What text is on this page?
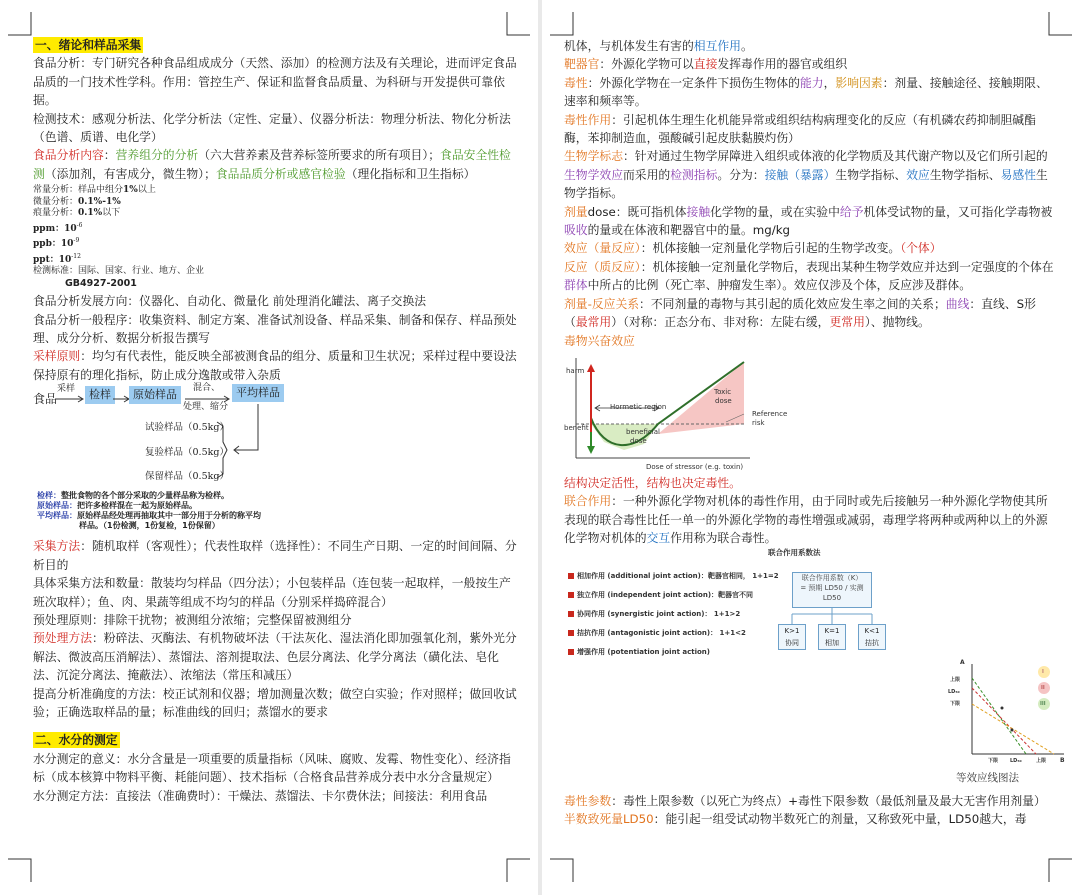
一、绪论和样品采集

食品分析：专门研究各种食品组成成分（天然、添加）的检测方法及有关理论，进而评定食品品质的一门技术性学科。作用：管控生产、保证和监督食品质量、为科研与开发提供可靠依据。

检测技术：感观分析法、化学分析法（定性、定量）、仪器分析法：物理分析法、物化分析法（色谱、质谱、电化学）

食品分析内容：营养组分的分析（六大营养素及营养标签所要求的所有项目）；食品安全性检测（添加剂，有害成分，微生物）；食品品质分析或感官检验（理化指标和卫生指标）

常量分析：样品中组分1%以上
微量分析：0.1%-1%
痕量分析：0.1%以下
ppm：$10^{-6}$
ppb：$10^{-9}$
ppt：$10^{-12}$
检测标准：国际、国家、行业、地方、企业
GB4927-2001

食品分析发展方向：仪器化、自动化、微量化 前处理消化罐法、离子交换法

食品分析一般程序：收集资料、制定方案、准备试剂设备、样品采集、制备和保存、样品预处理、成分分析、数据分析报告撰写

采样原则：均匀有代表性，能反映全部被测食品的组分、质量和卫生状况；采样过程中要设法保持原有的理化指标，防止成分逸散或带入杂质

食品
采样	检样	原始样品	混合、
处理、缩分
平均样品
试验样品（0.5kg）
复验样品（0.5kg）
保留样品（0.5kg）
检样：整批食物的各个部分采取的少量样品称为检样。
原始样品：把许多检样混在一起为原始样品。
平均样品：原始样品经处理再抽取其中一部分用于分析的称平均
样品。（1份检测，1份复检，1份保留）

采集方法：随机取样（客观性）；代表性取样（选择性）：不同生产日期、一定的时间间隔、分析目的

具体采集方法和数量：散装均匀样品（四分法）；小包装样品（连包装一起取样，一般按生产班次取样）；鱼、肉、果蔬等组成不均匀的样品（分别采样捣碎混合）

预处理原则：排除干扰物；被测组分浓缩；完整保留被测组分

预处理方法：粉碎法、灭酶法、有机物破坏法（干法灰化、湿法消化即加强氧化剂，紫外光分解法、微波高压消解法）、蒸馏法、溶剂提取法、色层分离法、化学分离法（磺化法、皂化法、沉淀分离法、掩蔽法）、浓缩法（常压和减压）

提高分析准确度的方法：校正试剂和仪器；增加测量次数；做空白实验；作对照样；做回收试验；正确选取样品的量；标准曲线的回归；蒸馏水的要求

二、水分的测定

水分测定的意义：水分含量是一项重要的质量指标（风味、腐败、发霉、物性变化）、经济指标（成本核算中物料平衡、耗能问题）、技术指标（合格食品营养成分表中水分含量规定）

水分测定方法：直接法（准确费时）：干燥法、蒸馏法、卡尔费休法；间接法：利用食品

机体，与机体发生有害的相互作用。

靶器官：外源化学物可以直接发挥毒作用的器官或组织

毒性：外源化学物在一定条件下损伤生物体的能力，影响因素：剂量、接触途径、接触期限、速率和频率等。

毒性作用：引起机体生理生化机能异常或组织结构病理变化的反应（有机磷农药抑制胆碱酯酶，苯抑制造血，强酸碱引起皮肤黏膜灼伤）

生物学标志：针对通过生物学屏障进入组织或体液的化学物质及其代谢产物以及它们所引起的生物学效应而采用的检测指标。分为：接触（暴露）生物学指标、效应生物学指标、易感性生物学指标。

剂量dose：既可指机体接触化学物的量，或在实验中给予机体受试物的量，又可指化学毒物被吸收的量或在体液和靶器官中的量。mg/kg

效应（量反应）：机体接触一定剂量化学物后引起的生物学改变。（个体）

反应（质反应）：机体接触一定剂量化学物后，表现出某种生物学效应并达到一定强度的个体在群体中所占的比例（死亡率、肿瘤发生率）。效应仅涉及个体，反应涉及群体。

剂量-反应关系：不同剂量的毒物与其引起的质化效应发生率之间的关系；曲线：直线、S形（最常用）（对称：正态分布、非对称：左陡右缓，更常用）、抛物线。

毒物兴奋效应

harm
benefit
Hormetic region
Toxic
dose
Reference
risk
beneficial
dose
Dose of stressor (e.g. toxin)

结构决定活性，结构也决定毒性。

联合作用：一种外源化学物对机体的毒性作用，由于同时或先后接触另一种外源化学物使其所表现的联合毒性比任一单一的外源化学物的毒性增强或减弱，毒理学将两种或两种以上的外源化学物对机体的交互作用称为联合毒性。

联合作用系数法
相加作用 (additional joint action)：靶器官相同， 1+1=2
独立作用 (independent joint action)：靶器官不同
协同作用 (synergistic joint action)： 1+1>2
拮抗作用 (antagonistic joint action)： 1+1<2
增强作用 (potentiation joint action)
联合作用系数（K）
= 预期 LD50 / 实测
LD50
K>1
协同
K=1
相加
K<1
拮抗
A
上限
LD₅₀
下限
下限 LD₅₀	上限 B
I
II
III
等效应线图法

毒性参数：毒性上限参数（以死亡为终点）+毒性下限参数（最低剂量及最大无害作用剂量）

半数致死量LD50：能引起一组受试动物半数死亡的剂量，又称致死中量，LD50越大，毒
